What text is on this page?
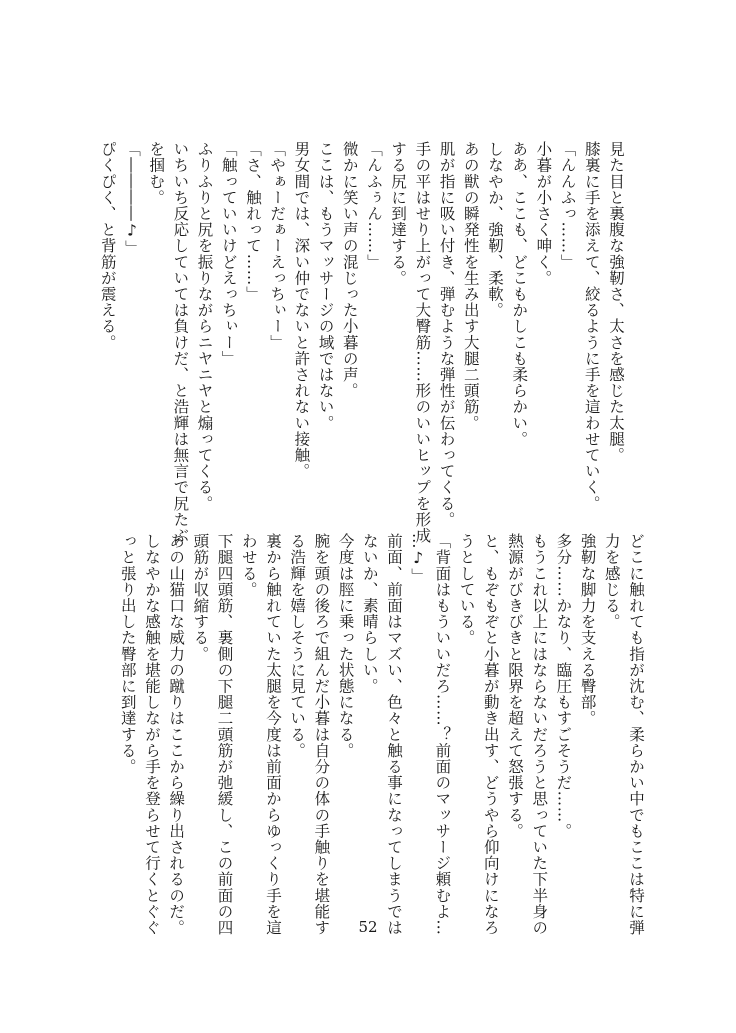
見た目と裏腹な強靭さ、太さを感じた太腿。
膝裏に手を添えて、絞るように手を這わせていく。
「んんふっ……」
小暮が小さく呻く。
ああ、ここも、どこもかしこも柔らかい。
しなやか、強靭、柔軟。
あの獣の瞬発性を生み出す大腿二頭筋。
肌が指に吸い付き、弾むような弾性が伝わってくる。
手の平はせり上がって大臀筋……形のいいヒップを形成
する尻に到達する。
「んふぅん……」
微かに笑い声の混じった小暮の声。
ここは、もうマッサージの域ではない。
男女間では、深い仲でないと許されない接触。
「やぁーだぁーえっちぃー」
「さ、触れって……」
「触っていいけどえっちぃー」
ふりふりと尻を振りながらニヤニヤと煽ってくる。
いちいち反応していては負けだ、と浩輝は無言で尻たぶ
を掴む。
「――――♪」
ぴくぴく、と背筋が震える。
どこに触れても指が沈む、柔らかい中でもここは特に弾
力を感じる。
強靭な脚力を支える臀部。
多分……かなり、臨圧もすごそうだ……。
もうこれ以上にはならないだろうと思っていた下半身の
熱源がびきびきと限界を超えて怒張する。
と、もぞもぞと小暮が動き出す、どうやら仰向けになろ
うとしている。
「背面はもういいだろ……？前面のマッサージ頼むよ…
…♪」
前面、前面はマズい、色々と触る事になってしまうでは
ないか、素晴らしい。
今度は脛に乗った状態になる。
腕を頭の後ろで組んだ小暮は自分の体の手触りを堪能す
る浩輝を嬉しそうに見ている。
裏から触れていた太腿を今度は前面からゆっくり手を這
わせる。
下腿四頭筋、裏側の下腿二頭筋が弛緩し、この前面の四
頭筋が収縮する。
あの山猫口な威力の蹴りはここから繰り出されるのだ。
しなやかな感触を堪能しながら手を登らせて行くとぐぐ
っと張り出した臀部に到達する。
52
